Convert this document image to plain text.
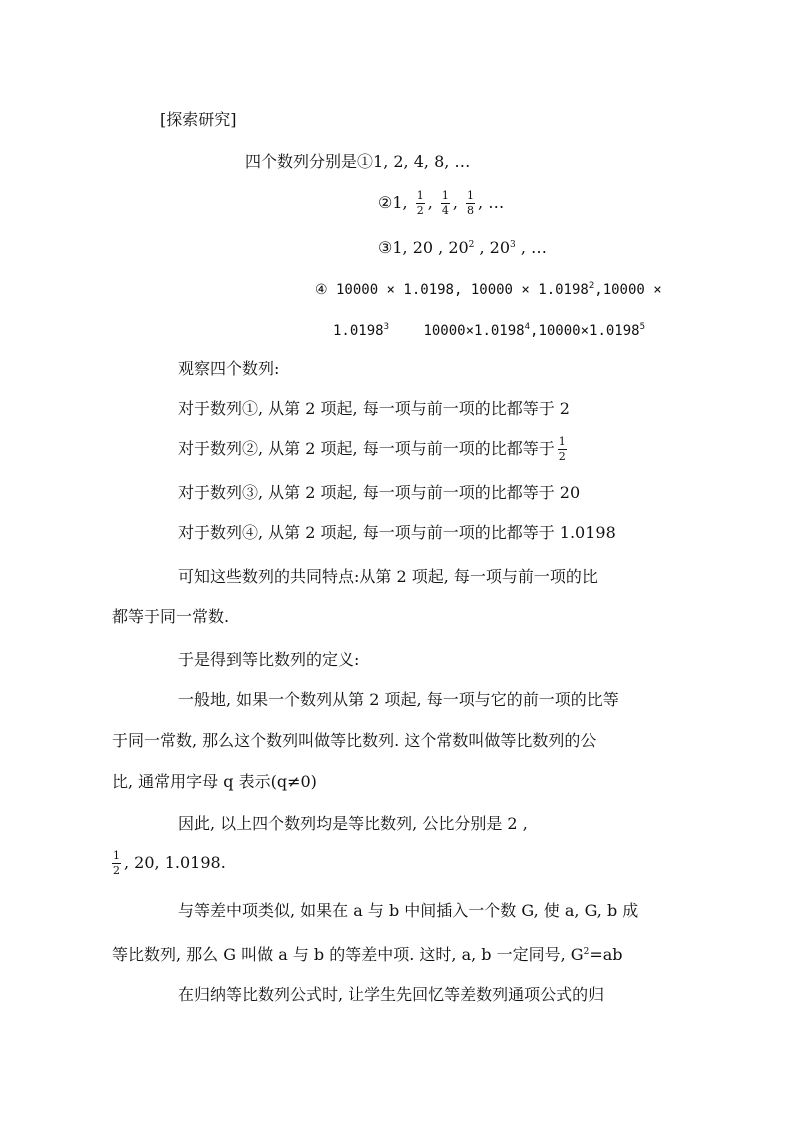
[探索研究]
四个数列分别是①1, 2, 4, 8, …
②1, $\frac{1}{2}$ , $\frac{1}{4}$ , $\frac{1}{8}$ , …
③1, 20 , $20^2$ , $20^3$ , …
④ 10000 × 1.0198, $10000 \times 1.0198^2,10000$ ×
$1.0198^3$ $10000\times 1.0198^4,10000\times 1.0198^5$
观察四个数列:
对于数列①, 从第 2 项起, 每一项与前一项的比都等于 2
对于数列②, 从第 2 项起, 每一项与前一项的比都等于 $\frac{1}{2}$
对于数列③, 从第 2 项起, 每一项与前一项的比都等于 20
对于数列④, 从第 2 项起, 每一项与前一项的比都等于 1.0198
可知这些数列的共同特点:从第 2 项起, 每一项与前一项的比
都等于同一常数.
于是得到等比数列的定义:
一般地, 如果一个数列从第 2 项起, 每一项与它的前一项的比等
于同一常数, 那么这个数列叫做等比数列. 这个常数叫做等比数列的公
比, 通常用字母 q 表示(q≠0)
因此, 以上四个数列均是等比数列, 公比分别是 2 ,
$\frac{1}{2}$ , 20, 1.0198.
与等差中项类似, 如果在 a 与 b 中间插入一个数 G, 使 a, G, b 成
等比数列, 那么 G 叫做 a 与 b 的等差中项. 这时, a, b 一定同号, $G^2=ab$
在归纳等比数列公式时, 让学生先回忆等差数列通项公式的归
